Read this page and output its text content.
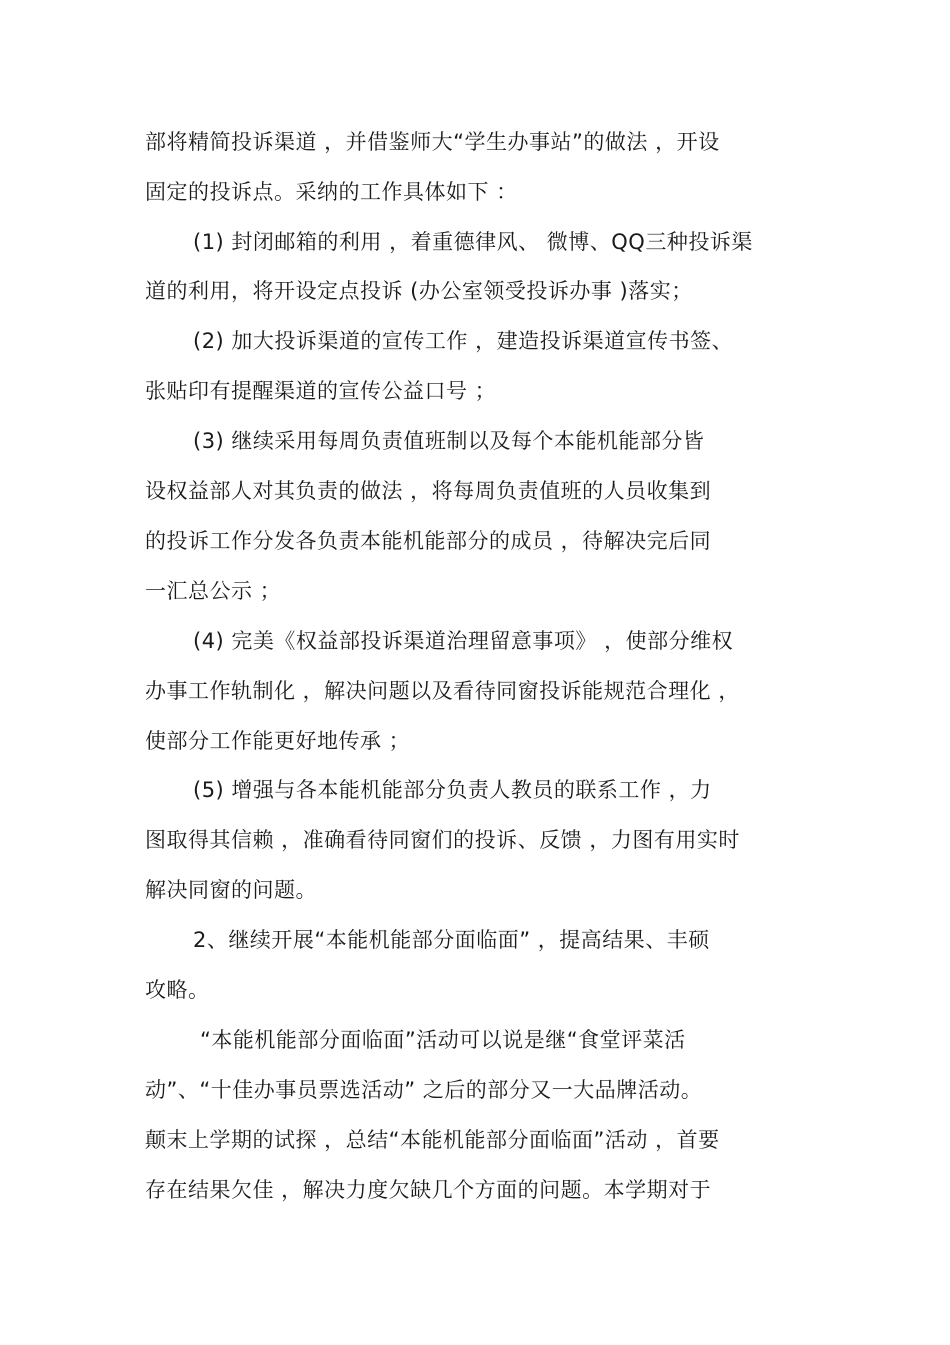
部将精简投诉渠道 ，并借鉴师大“学生办事站”的做法 ，开设
固定的投诉点。采纳的工作具体如下 ：
(1) 封闭邮箱的利用 ，着重德律风、 微博、QQ三种投诉渠
道的利用，将开设定点投诉 (办公室领受投诉办事 )落实；
(2) 加大投诉渠道的宣传工作 ，建造投诉渠道宣传书签、
张贴印有提醒渠道的宣传公益口号 ；
(3) 继续采用每周负责值班制以及每个本能机能部分皆
设权益部人对其负责的做法 ，将每周负责值班的人员收集到
的投诉工作分发各负责本能机能部分的成员 ，待解决完后同
一汇总公示 ；
(4) 完美《权益部投诉渠道治理留意事项》 ，使部分维权
办事工作轨制化 ，解决问题以及看待同窗投诉能规范合理化 ，
使部分工作能更好地传承 ；
(5) 增强与各本能机能部分负责人教员的联系工作 ，力
图取得其信赖 ，准确看待同窗们的投诉、反馈 ，力图有用实时
解决同窗的问题。
2、继续开展“本能机能部分面临面” ，提高结果、丰硕
攻略。
“本能机能部分面临面”活动可以说是继“食堂评菜活
动”、“十佳办事员票选活动” 之后的部分又一大品牌活动。
颠末上学期的试探 ，总结“本能机能部分面临面”活动 ，首要
存在结果欠佳 ，解决力度欠缺几个方面的问题。本学期对于
